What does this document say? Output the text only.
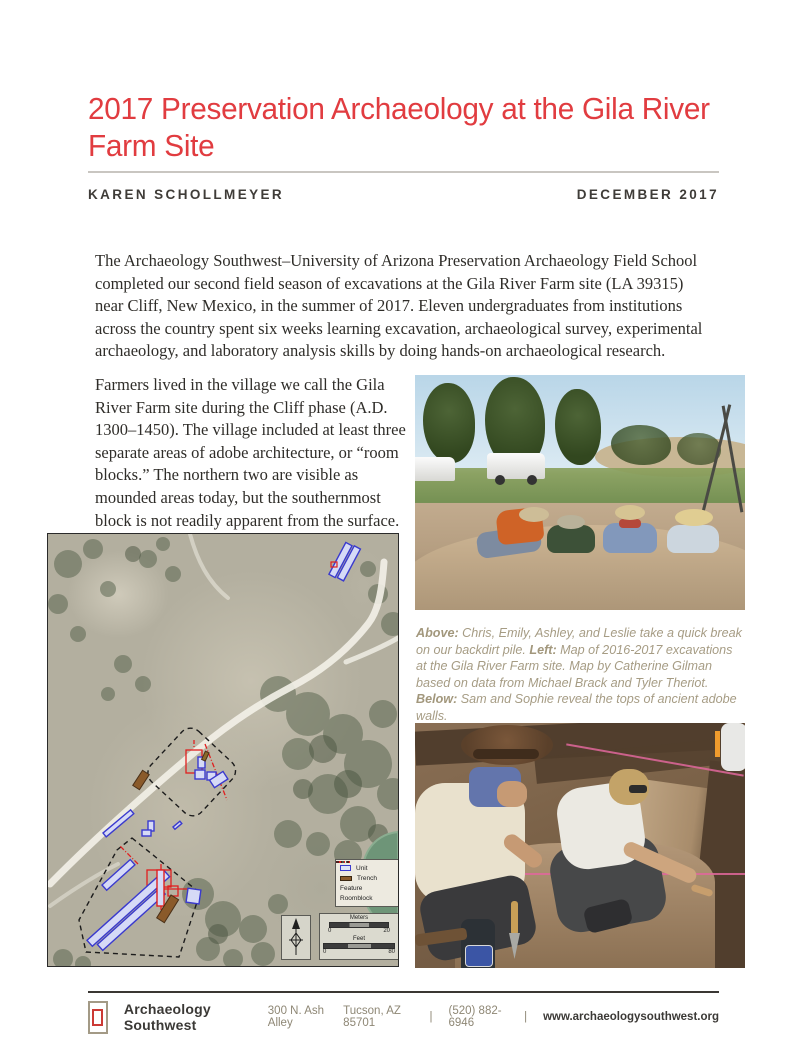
2017 Preservation Archaeology at the Gila River
Farm Site
KAREN SCHOLLMEYER	DECEMBER 2017

The Archaeology Southwest–University of Arizona Preservation Archaeology Field School completed our second field season of excavations at the Gila River Farm site (LA 39315) near Cliff, New Mexico, in the summer of 2017. Eleven undergraduates from institutions across the country spent six weeks learning excavation, archaeological survey, experimental archaeology, and laboratory analysis skills by doing hands-on archaeological research.

Farmers lived in the village we call the Gila River Farm site during the Cliff phase (A.D. 1300–1450). The village included at least three separate areas of adobe architecture, or “room blocks.” The northern two are visible as mounded areas today, but the southernmost block is not readily apparent from the surface.

Above: Chris, Emily, Ashley, and Leslie take a quick break on our backdirt pile. Left: Map of 2016-2017 excavations at the Gila River Farm site. Map by Catherine Gilman based on data from Michael Brack and Tyler Theriot. Below: Sam and Sophie reveal the tops of ancient adobe walls.

Unit
Trench
Feature
Roomblock
Meters
0	20
Feet
0	80
Archaeology Southwest
300 N. Ash Alley
Tucson, AZ 85701	| (520) 882-6946	| www.archaeologysouthwest.org
